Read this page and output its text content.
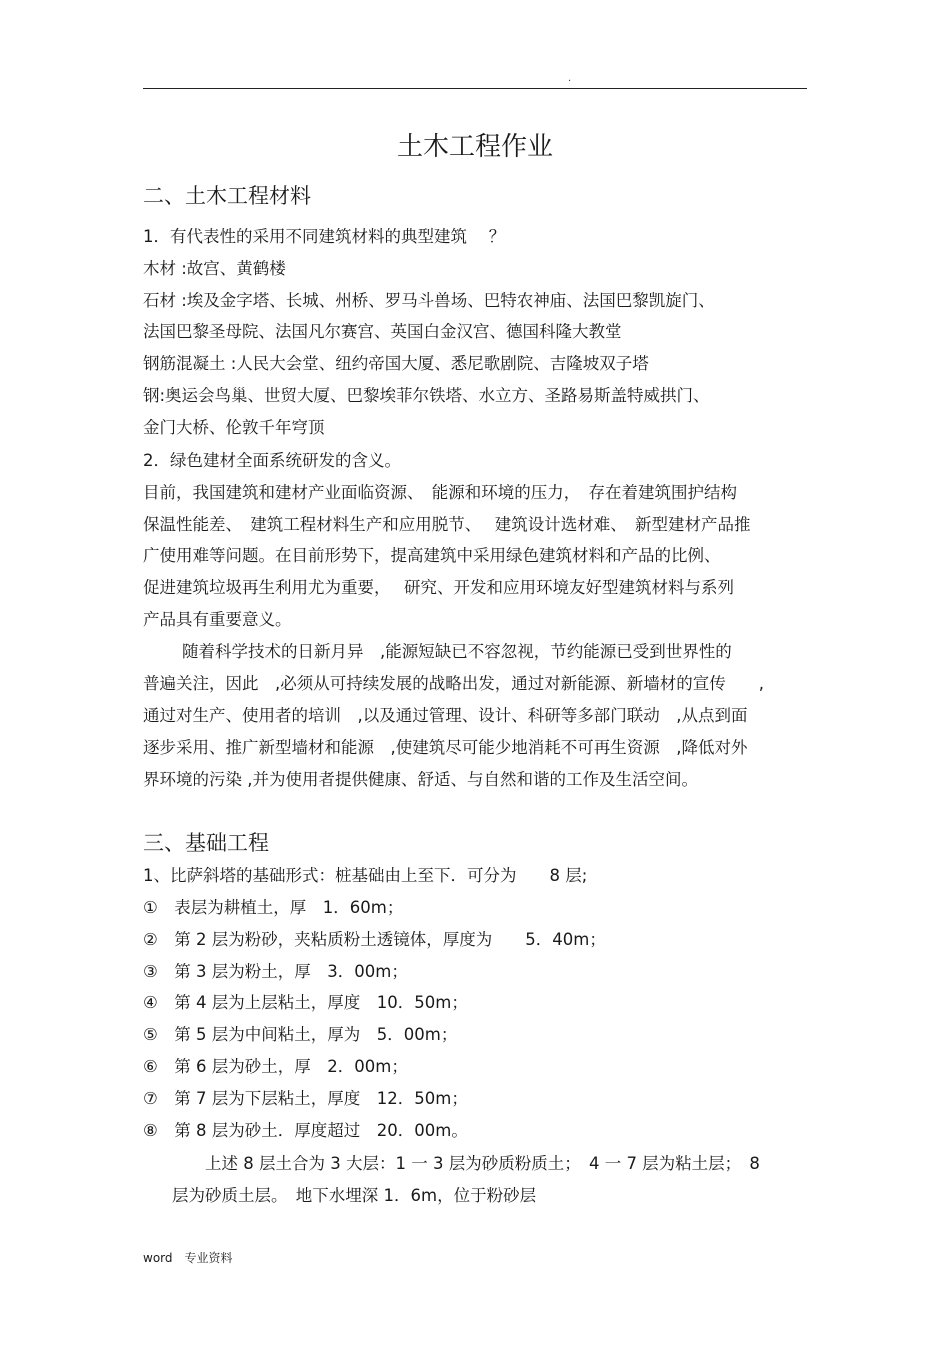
.
土木工程作业
二、土木工程材料
1．有代表性的采用不同建筑材料的典型建筑　 ？
木材 :故宫、黄鹤楼
石材 :埃及金字塔、长城、州桥、罗马斗兽场、巴特农神庙、法国巴黎凯旋门、
法国巴黎圣母院、法国凡尔赛宫、英国白金汉宫、德国科隆大教堂
钢筋混凝土 :人民大会堂、纽约帝国大厦、悉尼歌剧院、吉隆坡双子塔
钢:奥运会鸟巢、世贸大厦、巴黎埃菲尔铁塔、水立方、圣路易斯盖特威拱门、
金门大桥、伦敦千年穹顶
2．绿色建材全面系统研发的含义。
目前，我国建筑和建材产业面临资源、　能源和环境的压力，　存在着建筑围护结构
保温性能差、　建筑工程材料生产和应用脱节、　 建筑设计选材难、　新型建材产品推
广使用难等问题。在目前形势下，提高建筑中采用绿色建筑材料和产品的比例、
促进建筑垃圾再生利用尤为重要，　 研究、开发和应用环境友好型建筑材料与系列
产品具有重要意义。
随着科学技术的日新月异　,能源短缺已不容忽视，节约能源已受到世界性的
普遍关注，因此　,必须从可持续发展的战略出发，通过对新能源、新墙材的宣传　　,
通过对生产、使用者的培训　,以及通过管理、设计、科研等多部门联动　,从点到面
逐步采用、推广新型墙材和能源　,使建筑尽可能少地消耗不可再生资源　,降低对外
界环境的污染 ,并为使用者提供健康、舒适、与自然和谐的工作及生活空间。
三、基础工程
1、比萨斜塔的基础形式：桩基础由上至下．可分为　　8 层;
①　表层为耕植土，厚　1．60m；
②　第 2 层为粉砂，夹粘质粉土透镜体，厚度为　　5．40m；
③　第 3 层为粉土，厚　3．00m；
④　第 4 层为上层粘土，厚度　10．50m；
⑤　第 5 层为中间粘土，厚为　5．00m；
⑥　第 6 层为砂土，厚　2．00m；
⑦　第 7 层为下层粘土，厚度　12．50m；
⑧　第 8 层为砂土．厚度超过　20．00m。
上述 8 层土合为 3 大层：1 一 3 层为砂质粉质土；　4 一 7 层为粘土层；　8
层为砂质土层。　地下水埋深 1．6m，位于粉砂层
word　专业资料
